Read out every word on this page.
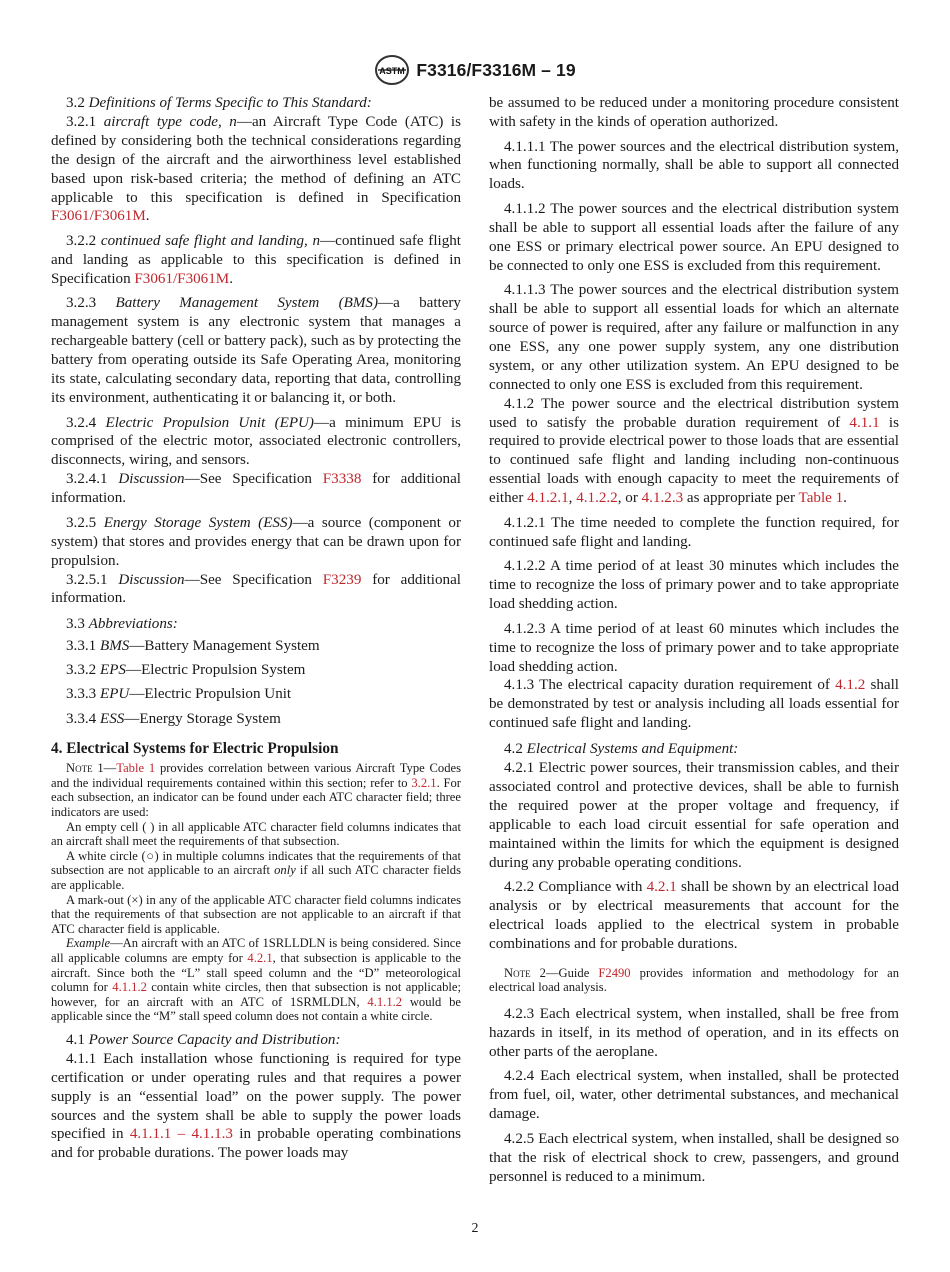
ASTM F3316/F3316M – 19

3.2 Definitions of Terms Specific to This Standard:

3.2.1 aircraft type code, n—an Aircraft Type Code (ATC) is defined by considering both the technical considerations regarding the design of the aircraft and the airworthiness level established based upon risk-based criteria; the method of defining an ATC applicable to this specification is defined in Specification F3061/F3061M.

3.2.2 continued safe flight and landing, n—continued safe flight and landing as applicable to this specification is defined in Specification F3061/F3061M.

3.2.3 Battery Management System (BMS)—a battery management system is any electronic system that manages a rechargeable battery (cell or battery pack), such as by protecting the battery from operating outside its Safe Operating Area, monitoring its state, calculating secondary data, reporting that data, controlling its environment, authenticating it or balancing it, or both.

3.2.4 Electric Propulsion Unit (EPU)—a minimum EPU is comprised of the electric motor, associated electronic controllers, disconnects, wiring, and sensors.

3.2.4.1 Discussion—See Specification F3338 for additional information.

3.2.5 Energy Storage System (ESS)—a source (component or system) that stores and provides energy that can be drawn upon for propulsion.

3.2.5.1 Discussion—See Specification F3239 for additional information.

3.3 Abbreviations:

3.3.1 BMS—Battery Management System

3.3.2 EPS—Electric Propulsion System

3.3.3 EPU—Electric Propulsion Unit

3.3.4 ESS—Energy Storage System

4. Electrical Systems for Electric Propulsion

Note 1—Table 1 provides correlation between various Aircraft Type Codes and the individual requirements contained within this section; refer to 3.2.1. For each subsection, an indicator can be found under each ATC character field; three indicators are used:

An empty cell ( ) in all applicable ATC character field columns indicates that an aircraft shall meet the requirements of that subsection.

A white circle (○) in multiple columns indicates that the requirements of that subsection are not applicable to an aircraft only if all such ATC character fields are applicable.

A mark-out (×) in any of the applicable ATC character field columns indicates that the requirements of that subsection are not applicable to an aircraft if that ATC character field is applicable.

Example—An aircraft with an ATC of 1SRLLDLN is being considered. Since all applicable columns are empty for 4.2.1, that subsection is applicable to the aircraft. Since both the “L” stall speed column and the “D” meteorological column for 4.1.1.2 contain white circles, then that subsection is not applicable; however, for an aircraft with an ATC of 1SRMLDLN, 4.1.1.2 would be applicable since the “M” stall speed column does not contain a white circle.

4.1 Power Source Capacity and Distribution:

4.1.1 Each installation whose functioning is required for type certification or under operating rules and that requires a power supply is an “essential load” on the power supply. The power sources and the system shall be able to supply the power loads specified in 4.1.1.1 – 4.1.1.3 in probable operating combinations and for probable durations. The power loads may

be assumed to be reduced under a monitoring procedure consistent with safety in the kinds of operation authorized.

4.1.1.1 The power sources and the electrical distribution system, when functioning normally, shall be able to support all connected loads.

4.1.1.2 The power sources and the electrical distribution system shall be able to support all essential loads after the failure of any one ESS or primary electrical power source. An EPU designed to be connected to only one ESS is excluded from this requirement.

4.1.1.3 The power sources and the electrical distribution system shall be able to support all essential loads for which an alternate source of power is required, after any failure or malfunction in any one ESS, any one power supply system, any one distribution system, or any other utilization system. An EPU designed to be connected to only one ESS is excluded from this requirement.

4.1.2 The power source and the electrical distribution system used to satisfy the probable duration requirement of 4.1.1 is required to provide electrical power to those loads that are essential to continued safe flight and landing including non-continuous essential loads with enough capacity to meet the requirements of either 4.1.2.1, 4.1.2.2, or 4.1.2.3 as appropriate per Table 1.

4.1.2.1 The time needed to complete the function required, for continued safe flight and landing.

4.1.2.2 A time period of at least 30 minutes which includes the time to recognize the loss of primary power and to take appropriate load shedding action.

4.1.2.3 A time period of at least 60 minutes which includes the time to recognize the loss of primary power and to take appropriate load shedding action.

4.1.3 The electrical capacity duration requirement of 4.1.2 shall be demonstrated by test or analysis including all loads essential for continued safe flight and landing.

4.2 Electrical Systems and Equipment:

4.2.1 Electric power sources, their transmission cables, and their associated control and protective devices, shall be able to furnish the required power at the proper voltage and frequency, if applicable to each load circuit essential for safe operation and maintained within the limits for which the equipment is designed during any probable operating conditions.

4.2.2 Compliance with 4.2.1 shall be shown by an electrical load analysis or by electrical measurements that account for the electrical loads applied to the electrical system in probable combinations and for probable durations.

Note 2—Guide F2490 provides information and methodology for an electrical load analysis.

4.2.3 Each electrical system, when installed, shall be free from hazards in itself, in its method of operation, and in its effects on other parts of the aeroplane.

4.2.4 Each electrical system, when installed, shall be protected from fuel, oil, water, other detrimental substances, and mechanical damage.

4.2.5 Each electrical system, when installed, shall be designed so that the risk of electrical shock to crew, passengers, and ground personnel is reduced to a minimum.

2
